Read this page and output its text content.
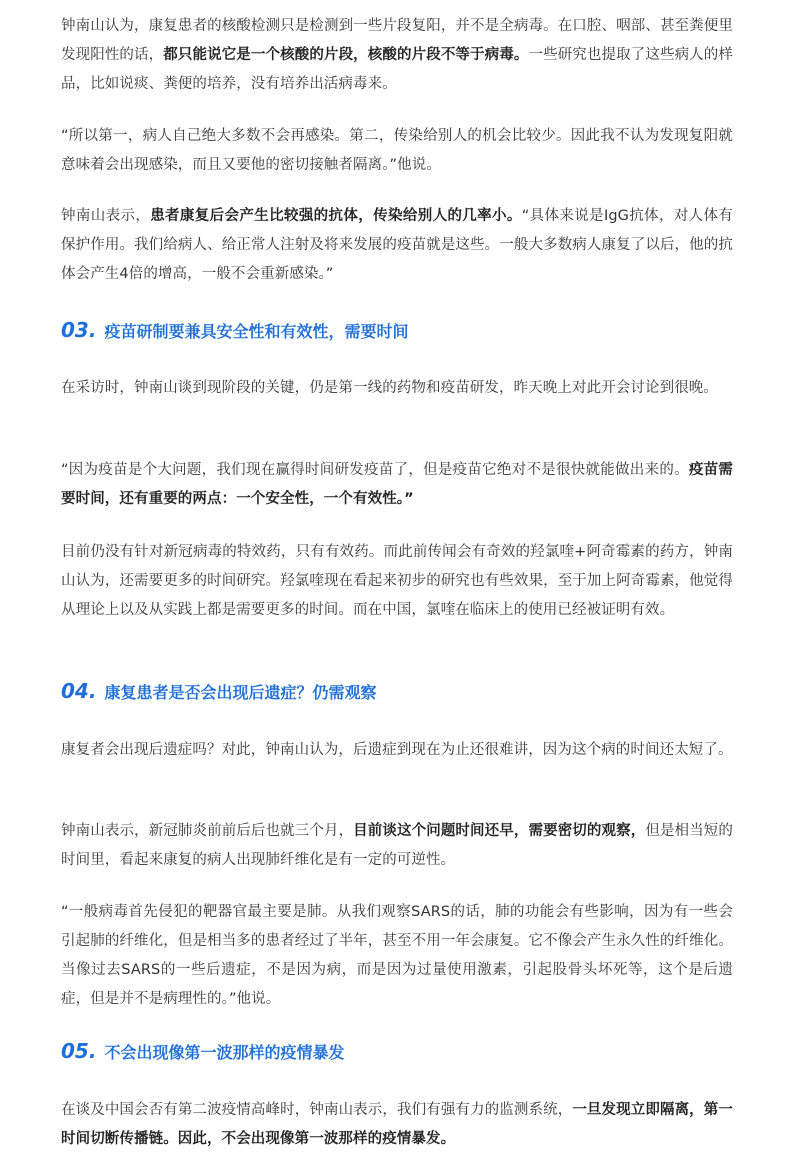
钟南山认为，康复患者的核酸检测只是检测到一些片段复阳，并不是全病毒。在口腔、咽部、甚至粪便里发现阳性的话，都只能说它是一个核酸的片段，核酸的片段不等于病毒。一些研究也提取了这些病人的样品，比如说痰、粪便的培养，没有培养出活病毒来。

“所以第一，病人自己绝大多数不会再感染。第二，传染给别人的机会比较少。因此我不认为发现复阳就意味着会出现感染，而且又要他的密切接触者隔离。”他说。

钟南山表示，患者康复后会产生比较强的抗体，传染给别人的几率小。“具体来说是IgG抗体，对人体有保护作用。我们给病人、给正常人注射及将来发展的疫苗就是这些。一般大多数病人康复了以后，他的抗体会产生4倍的增高，一般不会重新感染。”

03. 疫苗研制要兼具安全性和有效性，需要时间

在采访时，钟南山谈到现阶段的关键，仍是第一线的药物和疫苗研发，昨天晚上对此开会讨论到很晚。

“因为疫苗是个大问题，我们现在赢得时间研发疫苗了，但是疫苗它绝对不是很快就能做出来的。疫苗需要时间，还有重要的两点：一个安全性，一个有效性。”

目前仍没有针对新冠病毒的特效药，只有有效药。而此前传闻会有奇效的羟氯喹+阿奇霉素的药方，钟南山认为，还需要更多的时间研究。羟氯喹现在看起来初步的研究也有些效果，至于加上阿奇霉素，他觉得从理论上以及从实践上都是需要更多的时间。而在中国，氯喹在临床上的使用已经被证明有效。

04. 康复患者是否会出现后遗症？仍需观察

康复者会出现后遗症吗？对此，钟南山认为，后遗症到现在为止还很难讲，因为这个病的时间还太短了。

钟南山表示，新冠肺炎前前后后也就三个月，目前谈这个问题时间还早，需要密切的观察，但是相当短的时间里，看起来康复的病人出现肺纤维化是有一定的可逆性。

“一般病毒首先侵犯的靶器官最主要是肺。从我们观察SARS的话，肺的功能会有些影响，因为有一些会引起肺的纤维化，但是相当多的患者经过了半年，甚至不用一年会康复。它不像会产生永久性的纤维化。当像过去SARS的一些后遗症，不是因为病，而是因为过量使用激素，引起股骨头坏死等，这个是后遗症，但是并不是病理性的。”他说。

05. 不会出现像第一波那样的疫情暴发

在谈及中国会否有第二波疫情高峰时，钟南山表示，我们有强有力的监测系统，一旦发现立即隔离，第一时间切断传播链。因此，不会出现像第一波那样的疫情暴发。
